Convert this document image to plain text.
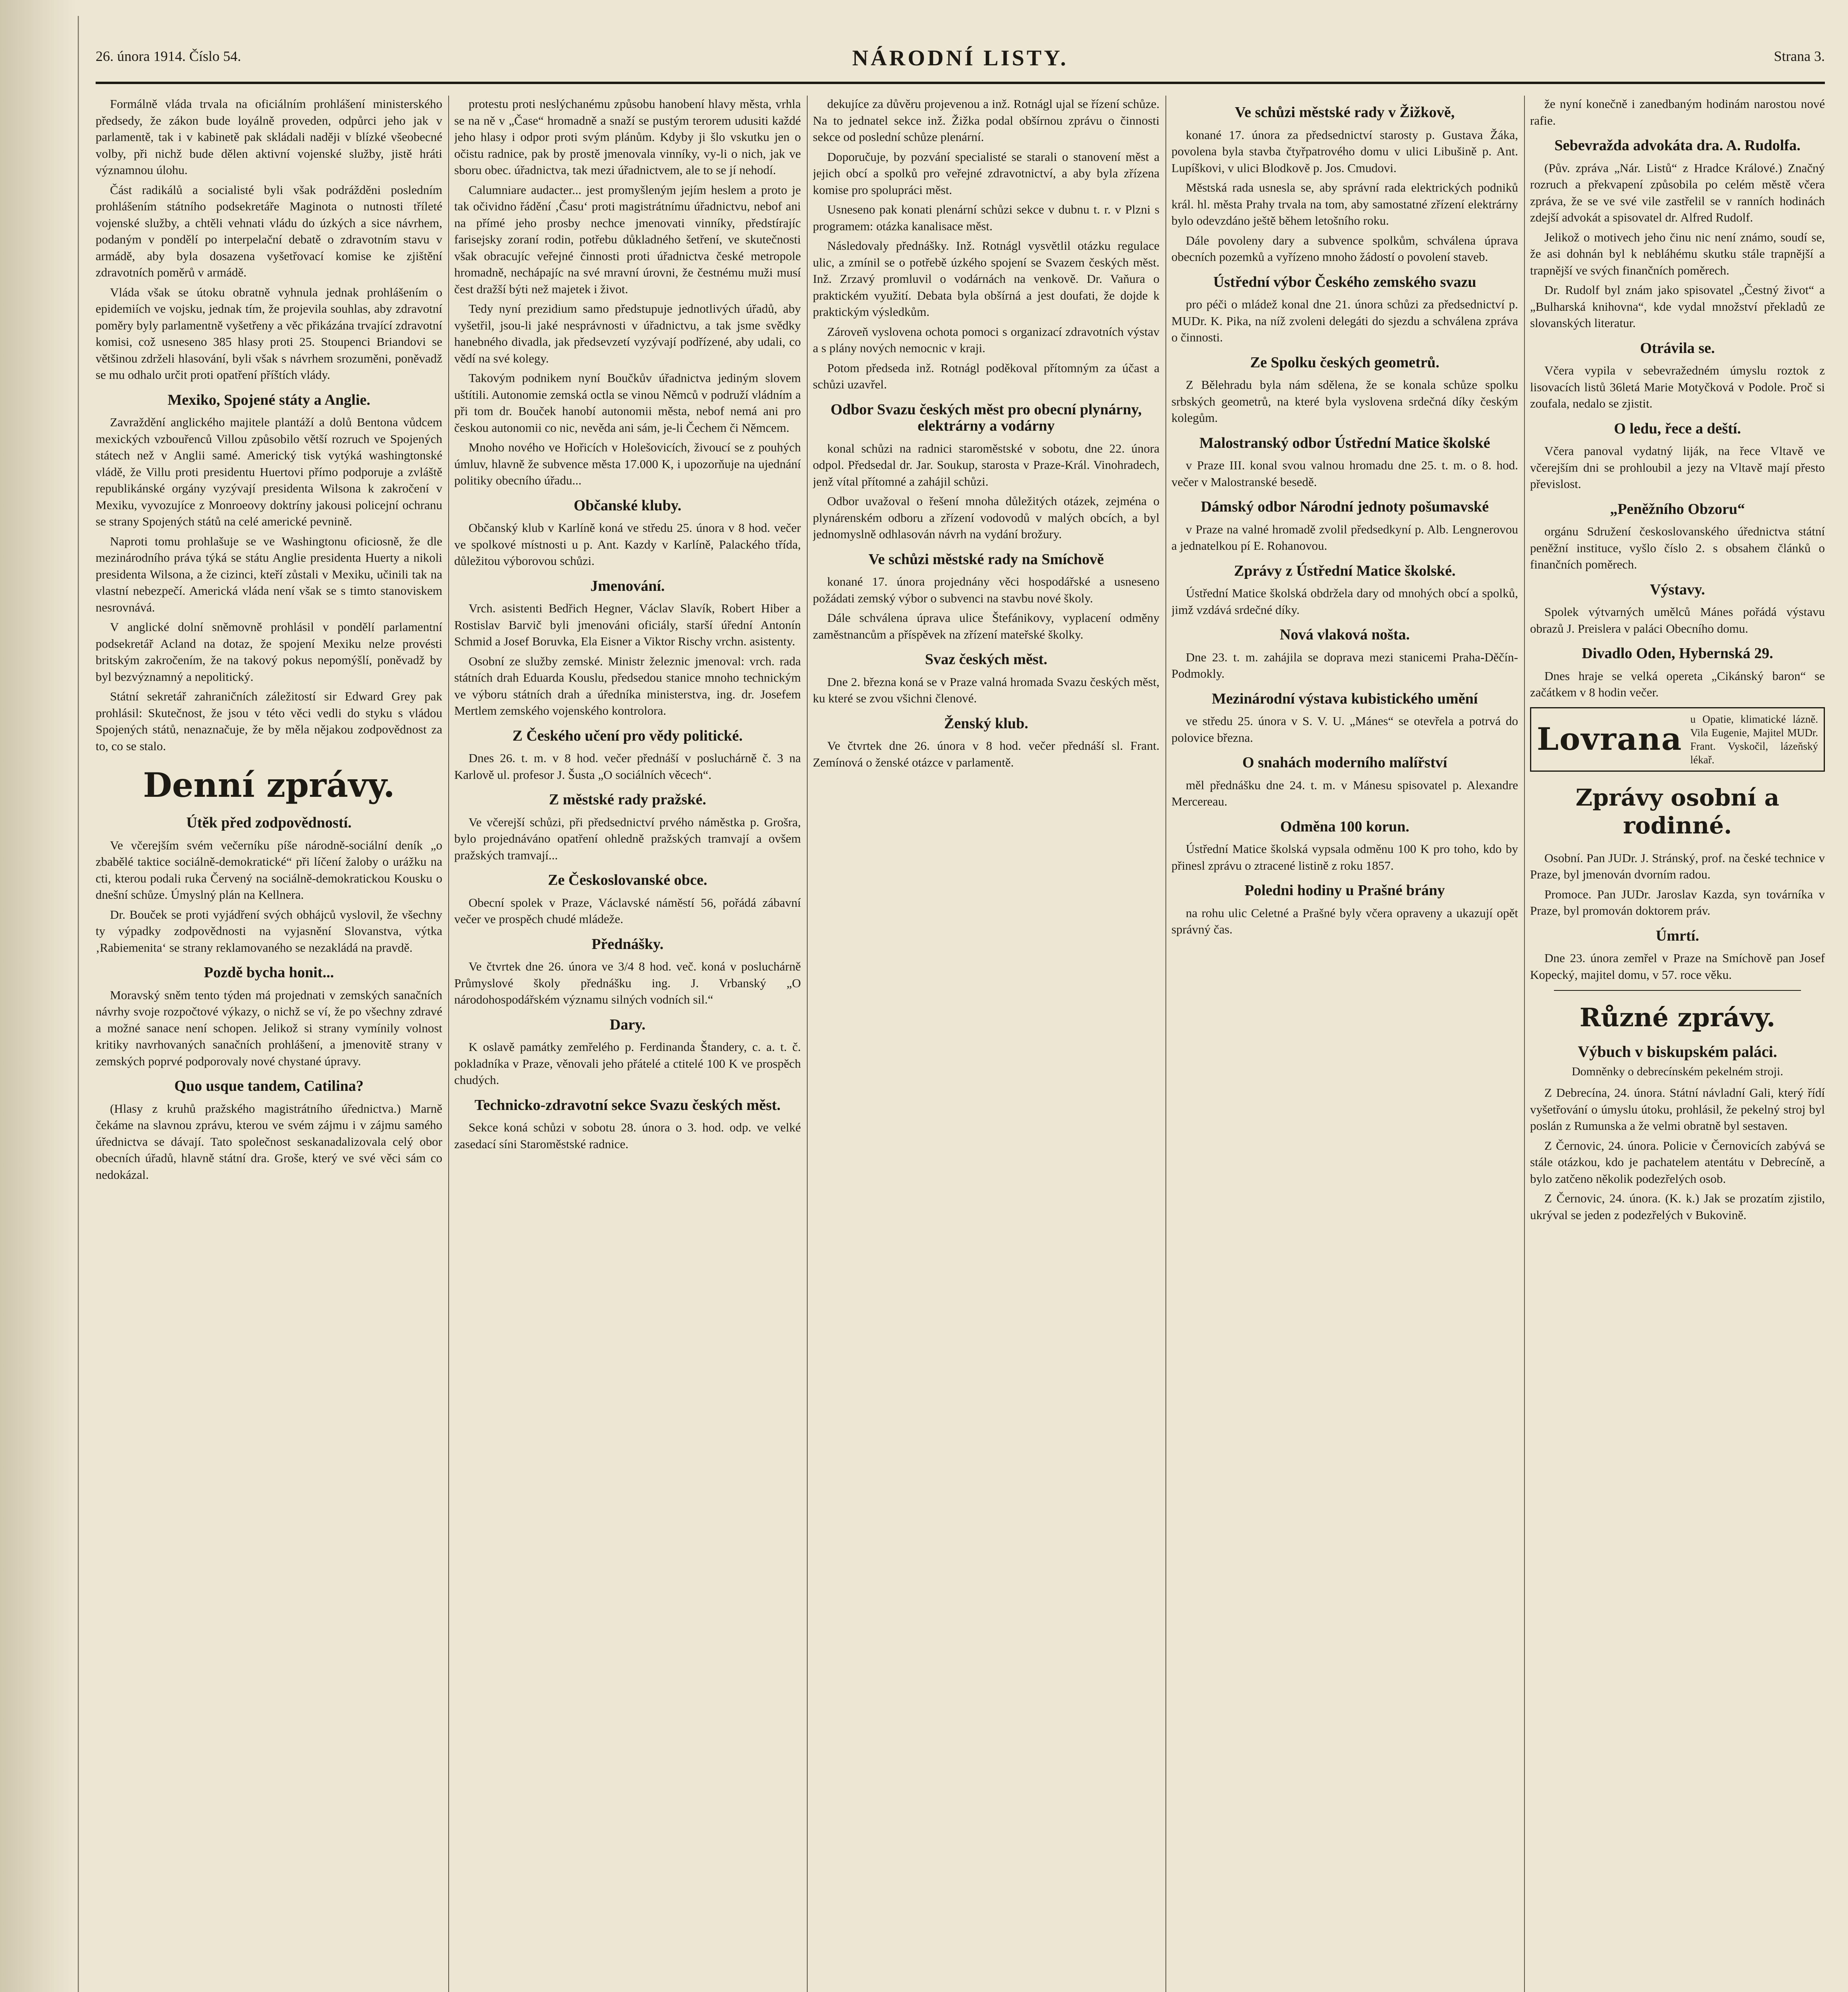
26. února 1914. Číslo 54.	NÁRODNÍ LISTY.	Strana 3.

Formálně vláda trvala na oficiálním prohlášení ministerského předsedy, že zákon bude loyálně proveden, odpůrci jeho jak v parlamentě, tak i v kabinetě pak skládali naději v blízké všeobecné volby, při nichž bude dělen aktivní vojenské služby, jistě hráti významnou úlohu.

Část radikálů a socialisté byli však podrážděni posledním prohlášením státního podsekretáře Maginota o nutnosti tříleté vojenské služby, a chtěli vehnati vládu do úzkých a sice návrhem, podaným v pondělí po interpelační debatě o zdravotním stavu v armádě, aby byla dosazena vyšetřovací komise ke zjištění zdravotních poměrů v armádě.

Vláda však se útoku obratně vyhnula jednak prohlášením o epidemiích ve vojsku, jednak tím, že projevila souhlas, aby zdravotní poměry byly parlamentně vyšetřeny a věc přikázána trvající zdravotní komisi, což usneseno 385 hlasy proti 25. Stoupenci Briandovi se většinou zdrželi hlasování, byli však s návrhem srozuměni, poněvadž se mu odhalo určit proti opatření příštích vlády.

Mexiko, Spojené státy a Anglie.

Zavraždění anglického majitele plantáží a dolů Bentona vůdcem mexických vzbouřenců Villou způsobilo větší rozruch ve Spojených státech než v Anglii samé. Americký tisk vytýká washingtonské vládě, že Villu proti presidentu Huertovi přímo podporuje a zvláště republikánské orgány vyzývají presidenta Wilsona k zakročení v Mexiku, vyvozujíce z Monroeovy doktríny jakousi policejní ochranu se strany Spojených států na celé americké pevnině.

Naproti tomu prohlašuje se ve Washingtonu oficiosně, že dle mezinárodního práva týká se státu Anglie presidenta Huerty a nikoli presidenta Wilsona, a že cizinci, kteří zůstali v Mexiku, učinili tak na vlastní nebezpečí. Americká vláda není však se s timto stanoviskem nesrovnává.

V anglické dolní sněmovně prohlásil v pondělí parlamentní podsekretář Acland na dotaz, že spojení Mexiku nelze provésti britským zakročením, že na takový pokus nepomýšlí, poněvadž by byl bezvýznamný a nepolitický.

Státní sekretář zahraničních záležitostí sir Edward Grey pak prohlásil: Skutečnost, že jsou v této věci vedli do styku s vládou Spojených států, nenaznačuje, že by měla nějakou zodpovědnost za to, co se stalo.

Denní zprávy.
Útěk před zodpovědností.

Ve včerejším svém večerníku píše národně-sociální deník „o zbabělé taktice sociálně-demokratické“ při líčení žaloby o urážku na cti, kterou podali ruka Červený na sociálně-demokratickou Kousku o dnešní schůze. Úmyslný plán na Kellnera.

Dr. Bouček se proti vyjádření svých obhájců vyslovil, že všechny ty výpadky zodpovědnosti na vyjasnění Slovanstva, výtka ‚Rabiemenita‘ se strany reklamovaného se nezakládá na pravdě.

Pozdě bycha honit...

Moravský sněm tento týden má projednati v zemských sanačních návrhy svoje rozpočtové výkazy, o nichž se ví, že po všechny zdravé a možné sanace není schopen. Jelikož si strany vymínily volnost kritiky navrhovaných sanačních prohlášení, a jmenovitě strany v zemských poprvé podporovaly nové chystané úpravy.

Quo usque tandem, Catilina?

(Hlasy z kruhů pražského magistrátního úřednictva.) Marně čekáme na slavnou zprávu, kterou ve svém zájmu i v zájmu samého úřednictva se dávají. Tato společnost seskanadalizovala celý obor obecních úřadů, hlavně státní dra. Groše, který ve své věci sám co nedokázal.

protestu proti neslýchanému způsobu hanobení hlavy města, vrhla se na ně v „Čase“ hromadně a snaží se pustým terorem udusiti každé jeho hlasy i odpor proti svým plánům. Kdyby ji šlo vskutku jen o očistu radnice, pak by prostě jmenovala vinníky, vy-li o nich, jak ve sboru obec. úřadnictva, tak mezi úřadnictvem, ale to se jí nehodí.

Calumniare audacter... jest promyšleným jejím heslem a proto je tak očividno řádění ‚Času‘ proti magistrátnímu úřadnictvu, nebof ani na přímé jeho prosby nechce jmenovati vinníky, předstírajíc farisejsky zoraní rodin, potřebu důkladného šetření, ve skutečnosti však obracujíc veřejné činnosti proti úřadnictva české metropole hromadně, nechápajíc na své mravní úrovni, že čestnému muži musí čest dražší býti než majetek i život.

Tedy nyní prezidium samo předstupuje jednotlivých úřadů, aby vyšetřil, jsou-li jaké nesprávnosti v úřadnictvu, a tak jsme svědky hanebného divadla, jak předsevzetí vyzývají podřízené, aby udali, co vědí na své kolegy.

Takovým podnikem nyní Boučkův úřadnictva jediným slovem uštítili. Autonomie zemská octla se vinou Němců v podruží vládním a při tom dr. Bouček hanobí autonomii města, nebof nemá ani pro českou autonomii co nic, nevěda ani sám, je-li Čechem či Němcem.

Mnoho nového ve Hořicích v Holešovicích, živoucí se z pouhých úmluv, hlavně že subvence města 17.000 K, i upozorňuje na ujednání politiky obecního úřadu...

Občanské kluby.

Občanský klub v Karlíně koná ve středu 25. února v 8 hod. večer ve spolkové místnosti u p. Ant. Kazdy v Karlíně, Palackého třída, důležitou výborovou schůzi.

Jmenování.

Vrch. asistenti Bedřich Hegner, Václav Slavík, Robert Hiber a Rostislav Barvič byli jmenováni oficiály, starší úřední Antonín Schmid a Josef Boruvka, Ela Eisner a Viktor Rischy vrchn. asistenty.

Osobní ze služby zemské. Ministr železnic jmenoval: vrch. rada státních drah Eduarda Kouslu, předsedou stanice mnoho technickým ve výboru státních drah a úředníka ministerstva, ing. dr. Josefem Mertlem zemského vojenského kontrolora.

Z Českého učení pro vědy politické.

Dnes 26. t. m. v 8 hod. večer přednáší v posluchárně č. 3 na Karlově ul. profesor J. Šusta „O sociálních věcech“.

Z městské rady pražské.

Ve včerejší schůzi, při předsednictví prvého náměstka p. Grošra, bylo projednáváno opatření ohledně pražských tramvají a ovšem pražských tramvají...

Ze Českoslovanské obce.

Obecní spolek v Praze, Václavské náměstí 56, pořádá zábavní večer ve prospěch chudé mládeže.

Přednášky.

Ve čtvrtek dne 26. února ve 3/4 8 hod. več. koná v posluchárně Průmyslové školy přednášku ing. J. Vrbanský „O národohospodářském významu silných vodních sil.“

Dary.

K oslavě památky zemřelého p. Ferdinanda Štandery, c. a. t. č. pokladníka v Praze, věnovali jeho přátelé a ctitelé 100 K ve prospěch chudých.

Technicko-zdravotní sekce Svazu českých měst.

Sekce koná schůzi v sobotu 28. února o 3. hod. odp. ve velké zasedací síni Staroměstské radnice.

dekujíce za důvěru projevenou a inž. Rotnágl ujal se řízení schůze. Na to jednatel sekce inž. Žižka podal obšírnou zprávu o činnosti sekce od poslední schůze plenární.

Doporučuje, by pozvání specialisté se starali o stanovení měst a jejich obcí a spolků pro veřejné zdravotnictví, a aby byla zřízena komise pro spolupráci měst.

Usneseno pak konati plenární schůzi sekce v dubnu t. r. v Plzni s programem: otázka kanalisace měst.

Následovaly přednášky. Inž. Rotnágl vysvětlil otázku regulace ulic, a zmínil se o potřebě úzkého spojení se Svazem českých měst. Inž. Zrzavý promluvil o vodárnách na venkově. Dr. Vaňura o praktickém využití. Debata byla obšírná a jest doufati, že dojde k praktickým výsledkům.

Zároveň vyslovena ochota pomoci s organizací zdravotních výstav a s plány nových nemocnic v kraji.

Potom předseda inž. Rotnágl poděkoval přítomným za účast a schůzi uzavřel.

Odbor Svazu českých měst pro obecní plynárny, elektrárny a vodárny

konal schůzi na radnici staroměstské v sobotu, dne 22. února odpol. Předsedal dr. Jar. Soukup, starosta v Praze-Král. Vinohradech, jenž vítal přítomné a zahájil schůzi.

Odbor uvažoval o řešení mnoha důležitých otázek, zejména o plynárenském odboru a zřízení vodovodů v malých obcích, a byl jednomyslně odhlasován návrh na vydání brožury.

Ve schůzi městské rady na Smíchově

konané 17. února projednány věci hospodářské a usneseno požádati zemský výbor o subvenci na stavbu nové školy.

Dále schválena úprava ulice Štefánikovy, vyplacení odměny zaměstnancům a příspěvek na zřízení mateřské školky.

Svaz českých měst.

Dne 2. března koná se v Praze valná hromada Svazu českých měst, ku které se zvou všichni členové.

Ženský klub.

Ve čtvrtek dne 26. února v 8 hod. večer přednáší sl. Frant. Zemínová o ženské otázce v parlamentě.

Ve schůzi městské rady v Žižkově,

konané 17. února za předsednictví starosty p. Gustava Žáka, povolena byla stavba čtyřpatrového domu v ulici Libušině p. Ant. Lupíškovi, v ulici Blodkově p. Jos. Cmudovi.

Městská rada usnesla se, aby správní rada elektrických podniků král. hl. města Prahy trvala na tom, aby samostatné zřízení elektrárny bylo odevzdáno ještě během letošního roku.

Dále povoleny dary a subvence spolkům, schválena úprava obecních pozemků a vyřízeno mnoho žádostí o povolení staveb.

Ústřední výbor Českého zemského svazu

pro péči o mládež konal dne 21. února schůzi za předsednictví p. MUDr. K. Pika, na níž zvoleni delegáti do sjezdu a schválena zpráva o činnosti.

Ze Spolku českých geometrů.

Z Bělehradu byla nám sdělena, že se konala schůze spolku srbských geometrů, na které byla vyslovena srdečná díky českým kolegům.

Malostranský odbor Ústřední Matice školské

v Praze III. konal svou valnou hromadu dne 25. t. m. o 8. hod. večer v Malostranské besedě.

Dámský odbor Národní jednoty pošumavské

v Praze na valné hromadě zvolil předsedkyní p. Alb. Lengnerovou a jednatelkou pí E. Rohanovou.

Zprávy z Ústřední Matice školské.

Ústřední Matice školská obdržela dary od mnohých obcí a spolků, jimž vzdává srdečné díky.

Nová vlaková nošta.

Dne 23. t. m. zahájila se doprava mezi stanicemi Praha-Děčín-Podmokly.

Mezinárodní výstava kubistického umění

ve středu 25. února v S. V. U. „Mánes“ se otevřela a potrvá do polovice března.

O snahách moderního malířství

měl přednášku dne 24. t. m. v Mánesu spisovatel p. Alexandre Mercereau.

Odměna 100 korun.

Ústřední Matice školská vypsala odměnu 100 K pro toho, kdo by přinesl zprávu o ztracené listině z roku 1857.

Poledni hodiny u Prašné brány

na rohu ulic Celetné a Prašné byly včera opraveny a ukazují opět správný čas.

že nyní konečně i zanedbaným hodinám narostou nové rafie.

Sebevražda advokáta dra. A. Rudolfa.

(Pův. zpráva „Nár. Listů“ z Hradce Králové.) Značný rozruch a překvapení způsobila po celém městě včera zpráva, že se ve své vile zastřelil se v ranních hodinách zdejší advokát a spisovatel dr. Alfred Rudolf.

Jelikož o motivech jeho činu nic není známo, soudí se, že asi dohnán byl k nebláhému skutku stále trapnější a trapnější ve svých finančních poměrech.

Dr. Rudolf byl znám jako spisovatel „Čestný život“ a „Bulharská knihovna“, kde vydal množství překladů ze slovanských literatur.

Otrávila se.

Včera vypila v sebevražedném úmyslu roztok z lisovacích listů 36letá Marie Motyčková v Podole. Proč si zoufala, nedalo se zjistit.

O ledu, řece a deští.

Včera panoval vydatný liják, na řece Vltavě ve včerejším dni se prohloubil a jezy na Vltavě mají přesto převislost.

„Peněžního Obzoru“

orgánu Sdružení českoslovanského úřednictva státní peněžní instituce, vyšlo číslo 2. s obsahem článků o finančních poměrech.

Výstavy.

Spolek výtvarných umělců Mánes pořádá výstavu obrazů J. Preislera v paláci Obecního domu.

Divadlo Oden, Hybernská 29.

Dnes hraje se velká opereta „Cikánský baron“ se začátkem v 8 hodin večer.

Lovrana
u Opatie, klimatické lázně. Vila Eugenie, Majitel MUDr. Frant. Vyskočil, lázeňský lékař.
Zprávy osobní a rodinné.

Osobní. Pan JUDr. J. Stránský, prof. na české technice v Praze, byl jmenován dvorním radou.

Promoce. Pan JUDr. Jaroslav Kazda, syn továrníka v Praze, byl promován doktorem práv.

Úmrtí.

Dne 23. února zemřel v Praze na Smíchově pan Josef Kopecký, majitel domu, v 57. roce věku.

Různé zprávy.
Výbuch v biskupském paláci.
Domněnky o debrecínském pekelném stroji.

Z Debrecína, 24. února. Státní návladní Gali, který řídí vyšetřování o úmyslu útoku, prohlásil, že pekelný stroj byl poslán z Rumunska a že velmi obratně byl sestaven.

Z Černovic, 24. února. Policie v Černovicích zabývá se stále otázkou, kdo je pachatelem atentátu v Debrecíně, a bylo zatčeno několik podezřelých osob.

Z Černovic, 24. února. (K. k.) Jak se prozatím zjistilo, ukrýval se jeden z podezřelých v Bukovině.
